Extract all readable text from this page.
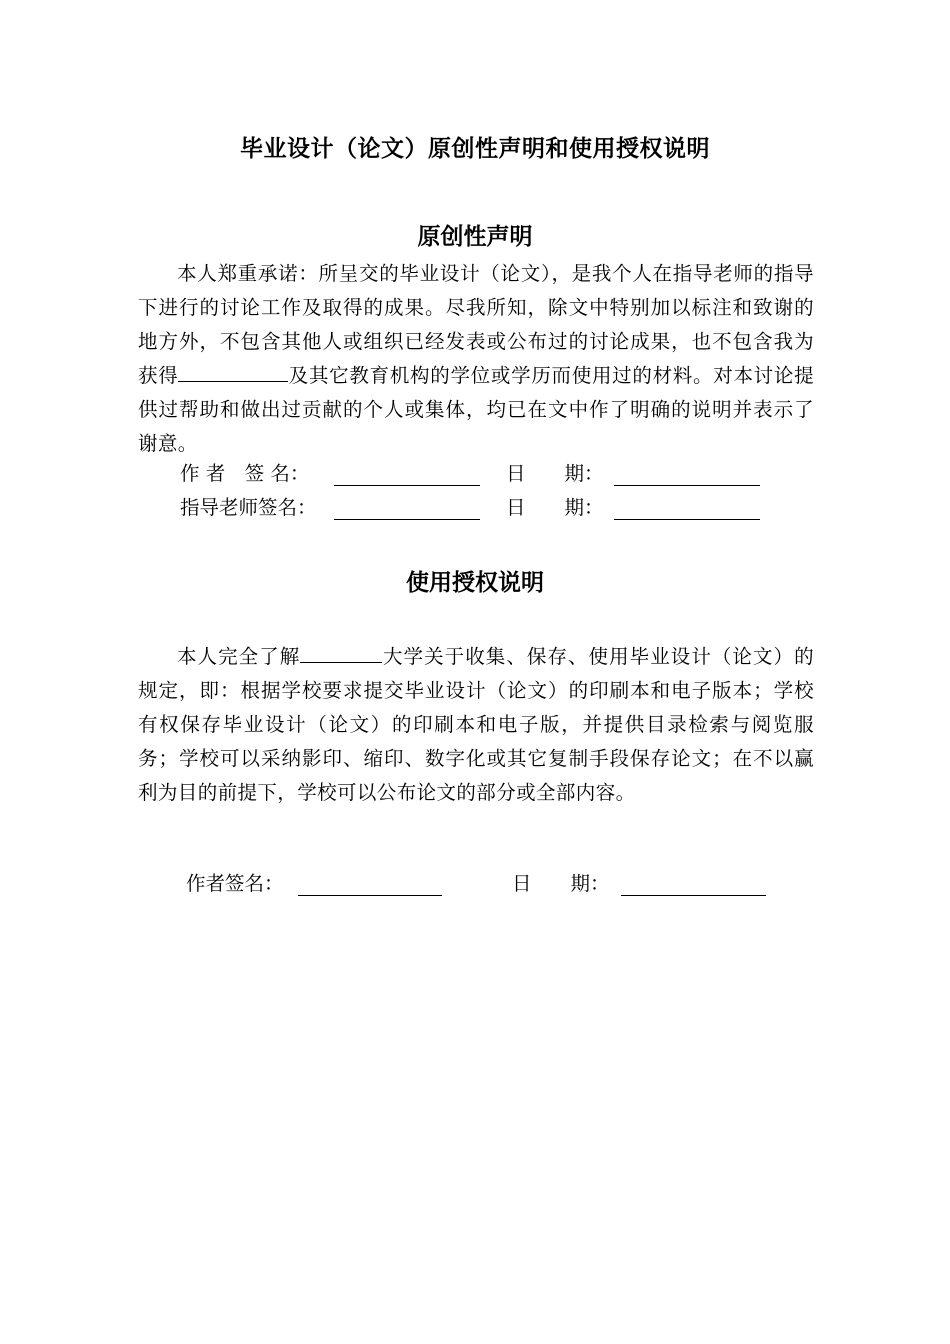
毕业设计（论文）原创性声明和使用授权说明
原创性声明

本人郑重承诺：所呈交的毕业设计（论文），是我个人在指导老师的指导下进行的讨论工作及取得的成果。尽我所知，除文中特别加以标注和致谢的地方外，不包含其他人或组织已经发表或公布过的讨论成果，也不包含我为获得	及其它教育机构的学位或学历而使用过的材料。对本讨论提供过帮助和做出过贡献的个人或集体，均已在文中作了明确的说明并表示了谢意。

作 者　签 名：	日　　期：
指导老师签名：	日　　期：
使用授权说明

本人完全了解	大学关于收集、保存、使用毕业设计（论文）的规定，即：根据学校要求提交毕业设计（论文）的印刷本和电子版本；学校有权保存毕业设计（论文）的印刷本和电子版，并提供目录检索与阅览服务；学校可以采纳影印、缩印、数字化或其它复制手段保存论文；在不以赢利为目的前提下，学校可以公布论文的部分或全部内容。

作者签名：	日　　期：
